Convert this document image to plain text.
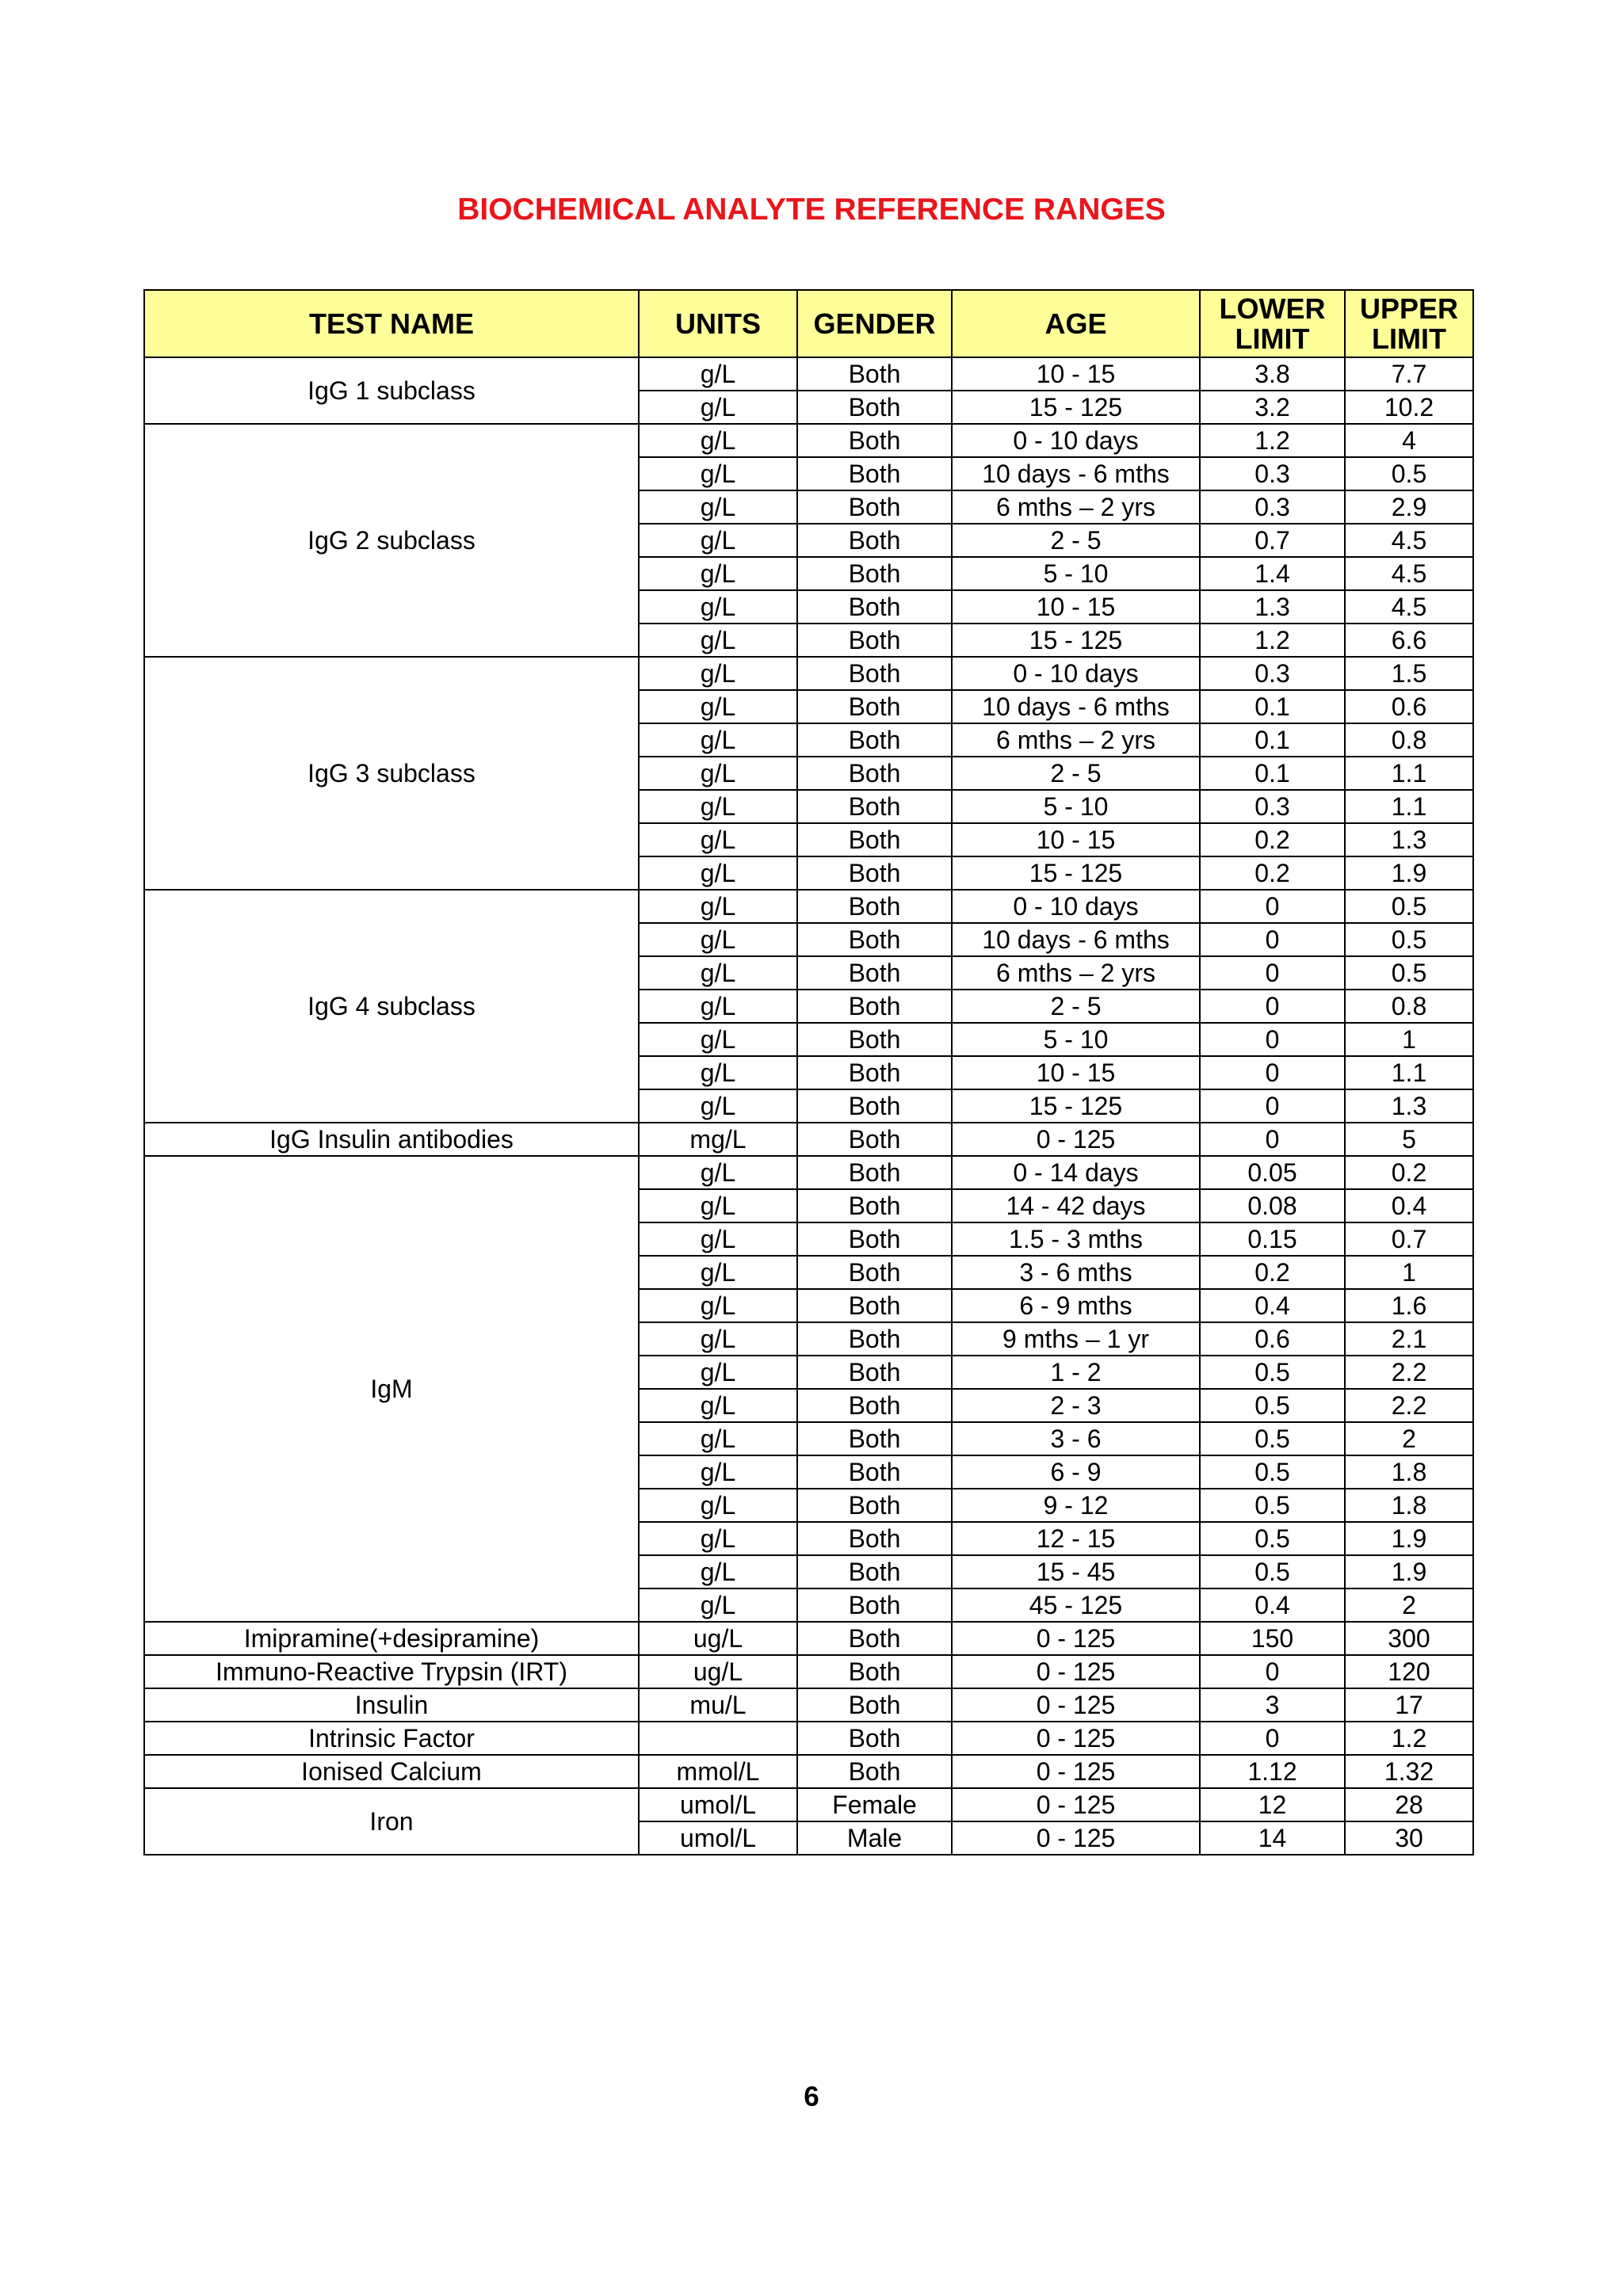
BIOCHEMICAL ANALYTE REFERENCE RANGES
TEST NAME	UNITS	GENDER	AGE	LOWER LIMIT	UPPER LIMIT
IgG 1 subclass	g/L	Both	10 - 15	3.8	7.7
	g/L	Both	15 - 125	3.2	10.2
IgG 2 subclass	g/L	Both	0 - 10 days	1.2	4
	g/L	Both	10 days - 6 mths	0.3	0.5
	g/L	Both	6 mths – 2 yrs	0.3	2.9
	g/L	Both	2 - 5	0.7	4.5
	g/L	Both	5 - 10	1.4	4.5
	g/L	Both	10 - 15	1.3	4.5
	g/L	Both	15 - 125	1.2	6.6
IgG 3 subclass	g/L	Both	0 - 10 days	0.3	1.5
	g/L	Both	10 days - 6 mths	0.1	0.6
	g/L	Both	6 mths – 2 yrs	0.1	0.8
	g/L	Both	2 - 5	0.1	1.1
	g/L	Both	5 - 10	0.3	1.1
	g/L	Both	10 - 15	0.2	1.3
	g/L	Both	15 - 125	0.2	1.9
IgG 4 subclass	g/L	Both	0 - 10 days	0	0.5
	g/L	Both	10 days - 6 mths	0	0.5
	g/L	Both	6 mths – 2 yrs	0	0.5
	g/L	Both	2 - 5	0	0.8
	g/L	Both	5 - 10	0	1
	g/L	Both	10 - 15	0	1.1
	g/L	Both	15 - 125	0	1.3
IgG Insulin antibodies	mg/L	Both	0 - 125	0	5
IgM	g/L	Both	0 - 14 days	0.05	0.2
	g/L	Both	14 - 42 days	0.08	0.4
	g/L	Both	1.5 - 3 mths	0.15	0.7
	g/L	Both	3 - 6 mths	0.2	1
	g/L	Both	6 - 9 mths	0.4	1.6
	g/L	Both	9 mths – 1 yr	0.6	2.1
	g/L	Both	1 - 2	0.5	2.2
	g/L	Both	2 - 3	0.5	2.2
	g/L	Both	3 - 6	0.5	2
	g/L	Both	6 - 9	0.5	1.8
	g/L	Both	9 - 12	0.5	1.8
	g/L	Both	12 - 15	0.5	1.9
	g/L	Both	15 - 45	0.5	1.9
	g/L	Both	45 - 125	0.4	2
Imipramine(+desipramine)	ug/L	Both	0 - 125	150	300
Immuno-Reactive Trypsin (IRT)	ug/L	Both	0 - 125	0	120
Insulin	mu/L	Both	0 - 125	3	17
Intrinsic Factor		Both	0 - 125	0	1.2
Ionised Calcium	mmol/L	Both	0 - 125	1.12	1.32
Iron	umol/L	Female	0 - 125	12	28
	umol/L	Male	0 - 125	14	30
6
